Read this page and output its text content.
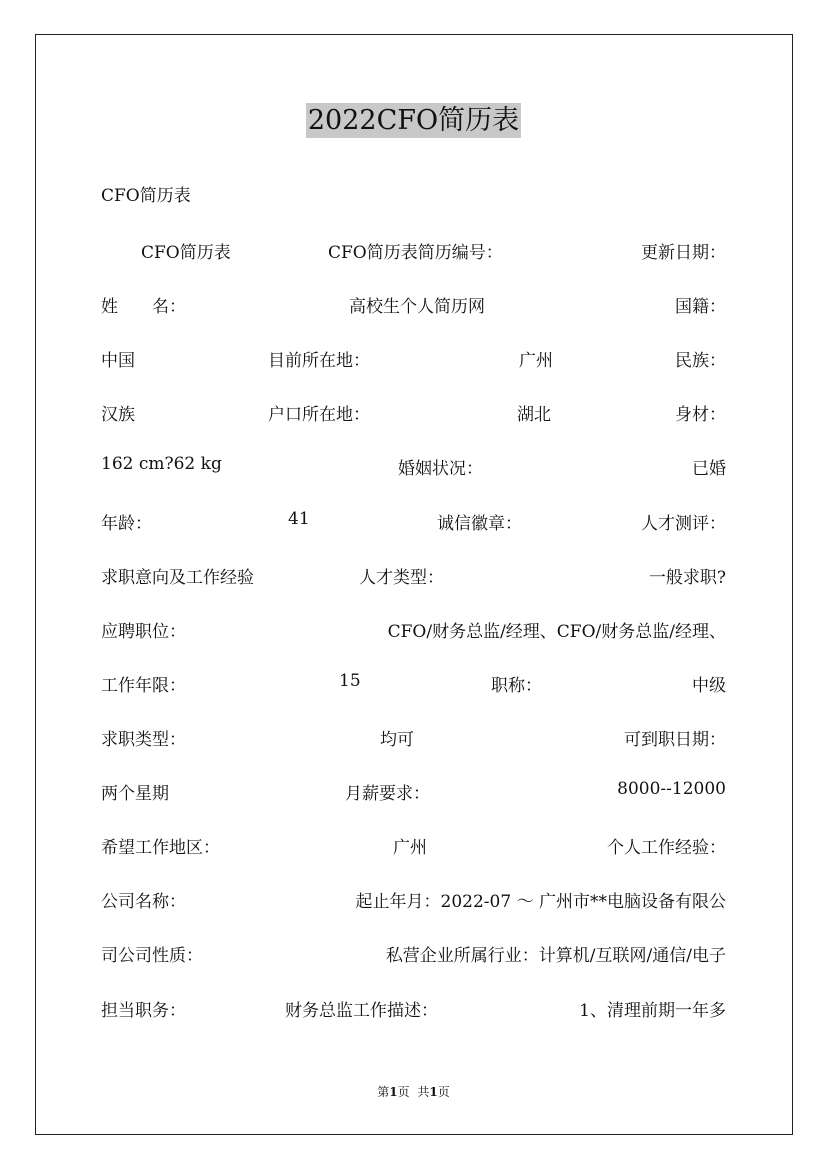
2022CFO简历表
CFO简历表
CFO简历表	CFO简历表简历编号：	更新日期：
姓　　名：	高校生个人简历网	国籍：
中国	目前所在地：	广州	民族：
汉族	户口所在地：	湖北	身材：
162 cm?62 kg	婚姻状况：	已婚
年龄：	41	诚信徽章：	人才测评：
求职意向及工作经验	人才类型：	一般求职?
应聘职位：	CFO/财务总监/经理、CFO/财务总监/经理、
工作年限：	15	职称：	中级
求职类型：	均可	可到职日期：
两个星期	月薪要求：	8000--12000
希望工作地区：	广州	个人工作经验：
公司名称：	起止年月：2022-07 ～ 广州市**电脑设备有限公
司公司性质：	私营企业所属行业：计算机/互联网/通信/电子
担当职务：	财务总监工作描述：	1、清理前期一年多
第1页 共1页
